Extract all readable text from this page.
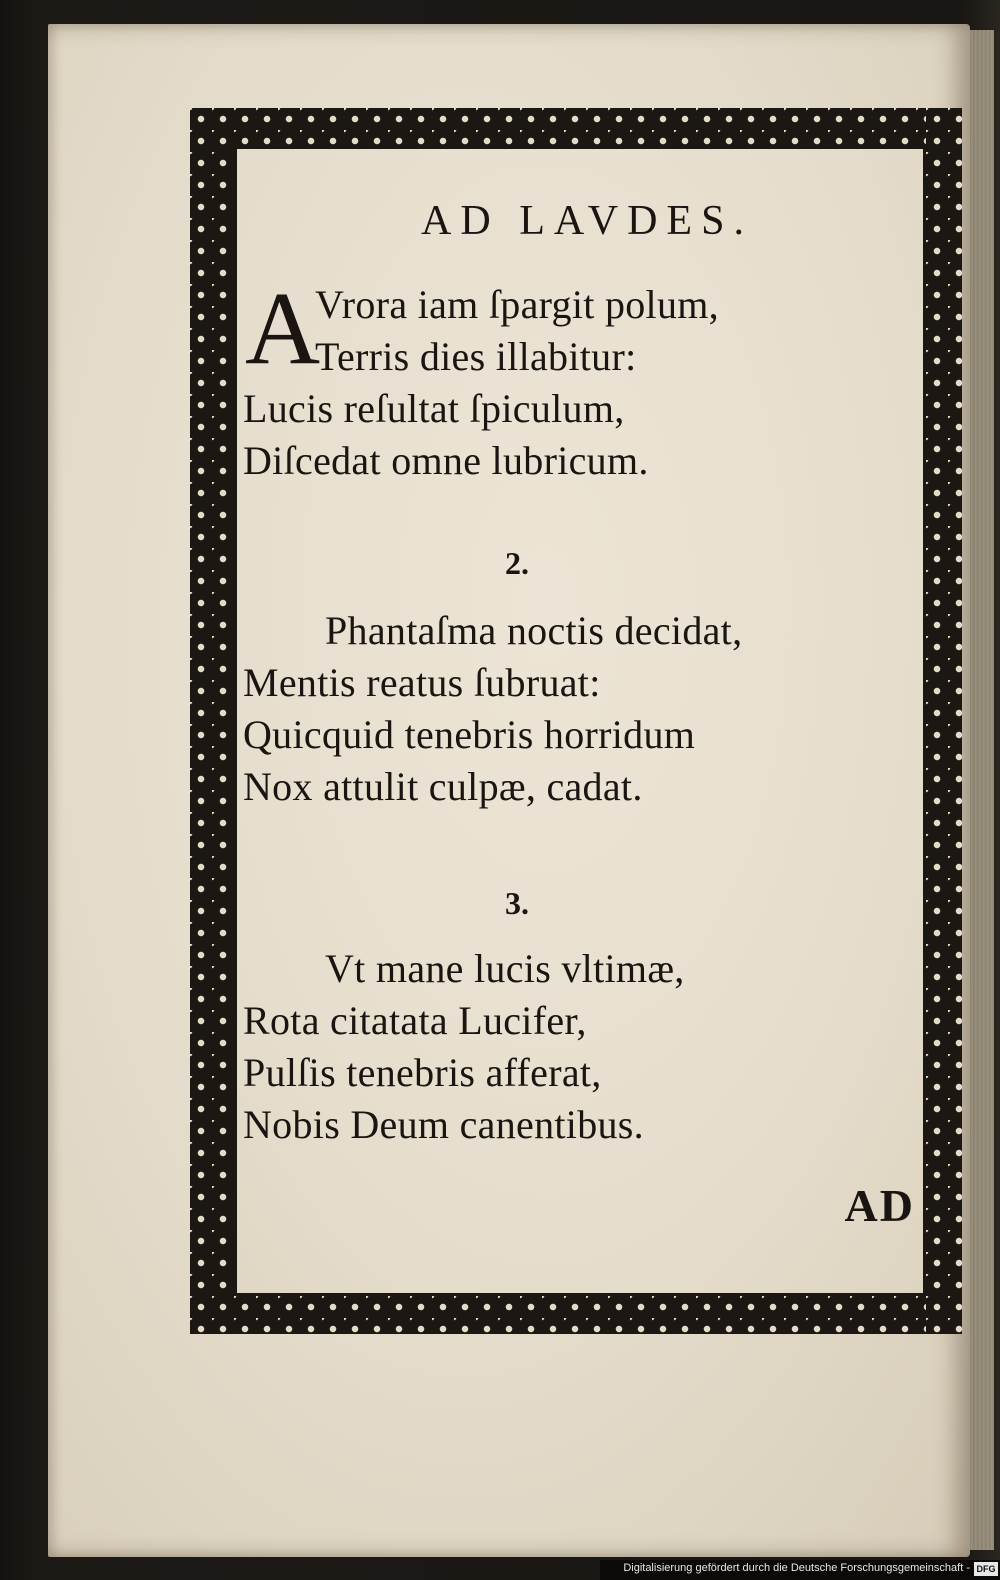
AD LAVDES.
A
Vrora iam ſpargit polum,
Terris dies illabitur:
Lucis reſultat ſpiculum,
Diſcedat omne lubricum.
2.
Phantaſma noctis decidat,
Mentis reatus ſubruat:
Quicquid tenebris horridum
Nox attulit culpæ, cadat.
3.
Vt mane lucis vltimæ,
Rota citatata Lucifer,
Pulſis tenebris afferat,
Nobis Deum canentibus.
AD
Digitalisierung gefördert durch die Deutsche Forschungsgemeinschaft - DFG
